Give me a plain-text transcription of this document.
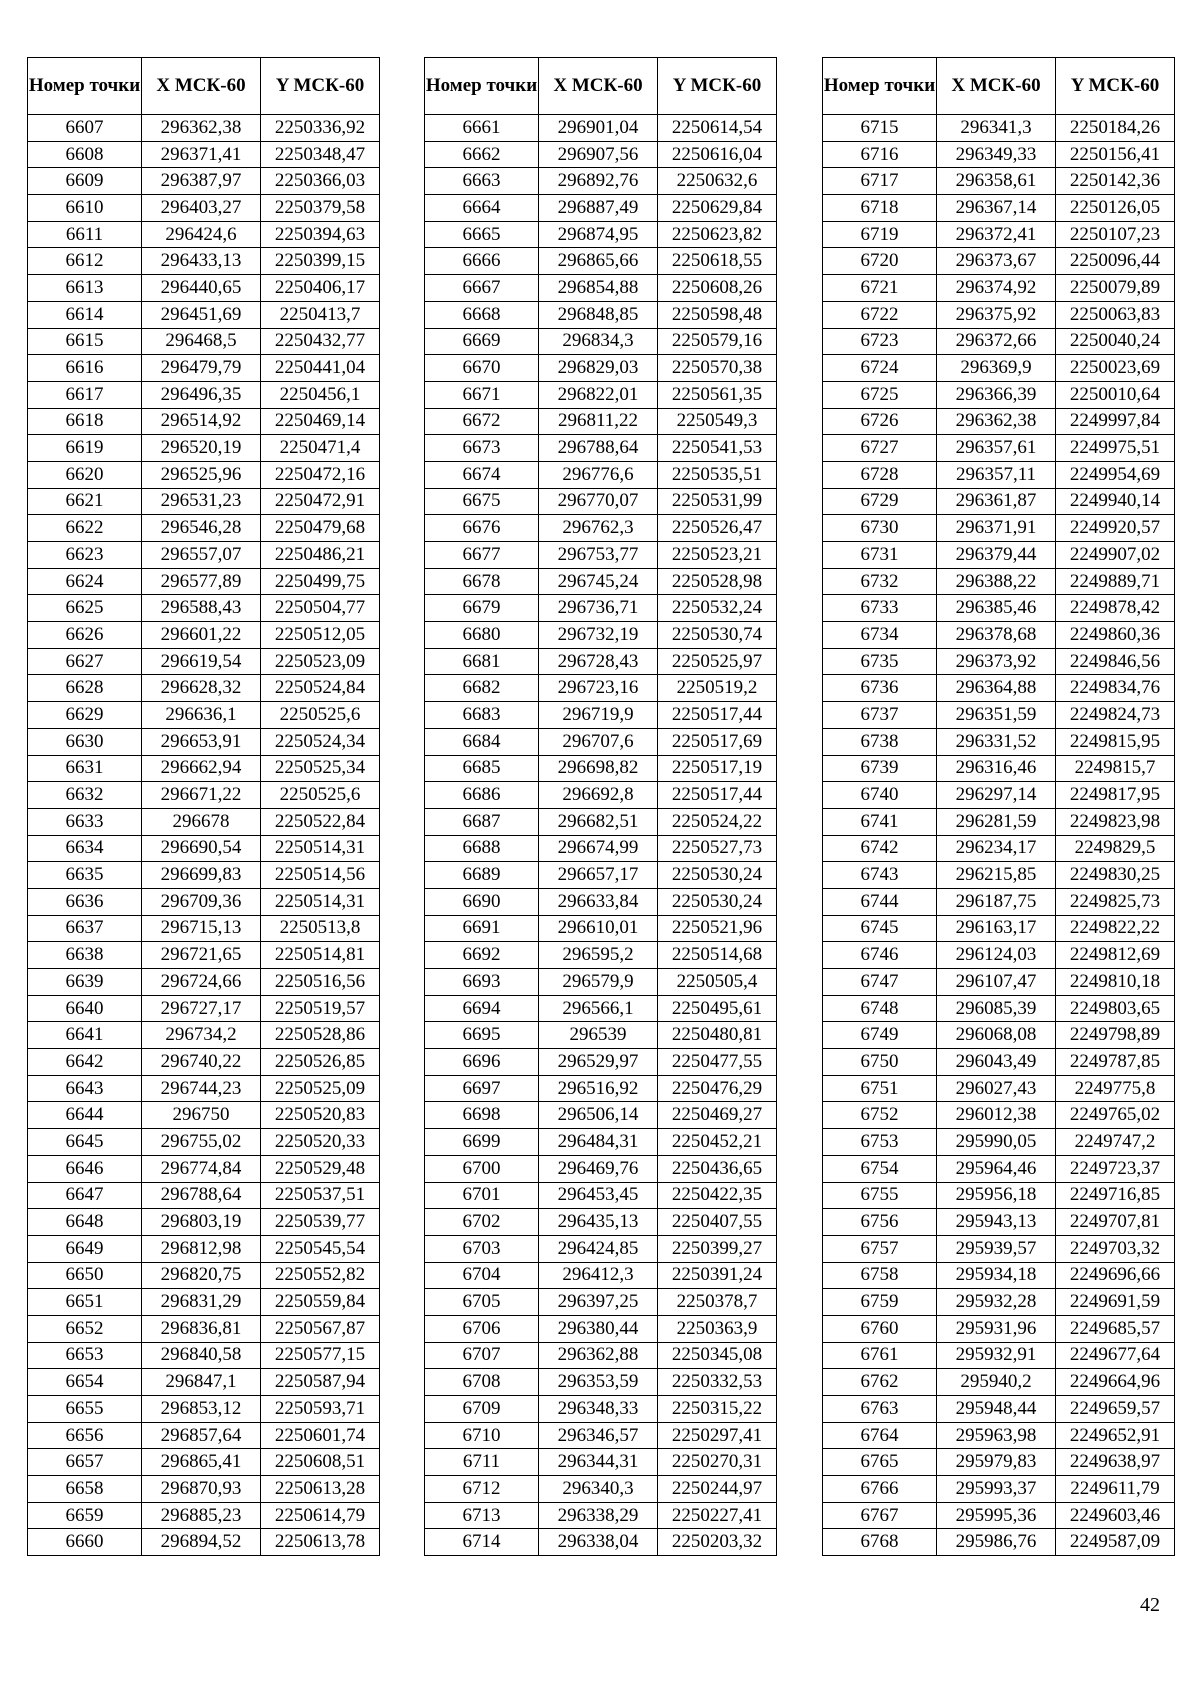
Номер точки	X МСК-60	Y МСК-60
6607	296362,38	2250336,92
6608	296371,41	2250348,47
6609	296387,97	2250366,03
6610	296403,27	2250379,58
6611	296424,6	2250394,63
6612	296433,13	2250399,15
6613	296440,65	2250406,17
6614	296451,69	2250413,7
6615	296468,5	2250432,77
6616	296479,79	2250441,04
6617	296496,35	2250456,1
6618	296514,92	2250469,14
6619	296520,19	2250471,4
6620	296525,96	2250472,16
6621	296531,23	2250472,91
6622	296546,28	2250479,68
6623	296557,07	2250486,21
6624	296577,89	2250499,75
6625	296588,43	2250504,77
6626	296601,22	2250512,05
6627	296619,54	2250523,09
6628	296628,32	2250524,84
6629	296636,1	2250525,6
6630	296653,91	2250524,34
6631	296662,94	2250525,34
6632	296671,22	2250525,6
6633	296678	2250522,84
6634	296690,54	2250514,31
6635	296699,83	2250514,56
6636	296709,36	2250514,31
6637	296715,13	2250513,8
6638	296721,65	2250514,81
6639	296724,66	2250516,56
6640	296727,17	2250519,57
6641	296734,2	2250528,86
6642	296740,22	2250526,85
6643	296744,23	2250525,09
6644	296750	2250520,83
6645	296755,02	2250520,33
6646	296774,84	2250529,48
6647	296788,64	2250537,51
6648	296803,19	2250539,77
6649	296812,98	2250545,54
6650	296820,75	2250552,82
6651	296831,29	2250559,84
6652	296836,81	2250567,87
6653	296840,58	2250577,15
6654	296847,1	2250587,94
6655	296853,12	2250593,71
6656	296857,64	2250601,74
6657	296865,41	2250608,51
6658	296870,93	2250613,28
6659	296885,23	2250614,79
6660	296894,52	2250613,78
Номер точки	X МСК-60	Y МСК-60
6661	296901,04	2250614,54
6662	296907,56	2250616,04
6663	296892,76	2250632,6
6664	296887,49	2250629,84
6665	296874,95	2250623,82
6666	296865,66	2250618,55
6667	296854,88	2250608,26
6668	296848,85	2250598,48
6669	296834,3	2250579,16
6670	296829,03	2250570,38
6671	296822,01	2250561,35
6672	296811,22	2250549,3
6673	296788,64	2250541,53
6674	296776,6	2250535,51
6675	296770,07	2250531,99
6676	296762,3	2250526,47
6677	296753,77	2250523,21
6678	296745,24	2250528,98
6679	296736,71	2250532,24
6680	296732,19	2250530,74
6681	296728,43	2250525,97
6682	296723,16	2250519,2
6683	296719,9	2250517,44
6684	296707,6	2250517,69
6685	296698,82	2250517,19
6686	296692,8	2250517,44
6687	296682,51	2250524,22
6688	296674,99	2250527,73
6689	296657,17	2250530,24
6690	296633,84	2250530,24
6691	296610,01	2250521,96
6692	296595,2	2250514,68
6693	296579,9	2250505,4
6694	296566,1	2250495,61
6695	296539	2250480,81
6696	296529,97	2250477,55
6697	296516,92	2250476,29
6698	296506,14	2250469,27
6699	296484,31	2250452,21
6700	296469,76	2250436,65
6701	296453,45	2250422,35
6702	296435,13	2250407,55
6703	296424,85	2250399,27
6704	296412,3	2250391,24
6705	296397,25	2250378,7
6706	296380,44	2250363,9
6707	296362,88	2250345,08
6708	296353,59	2250332,53
6709	296348,33	2250315,22
6710	296346,57	2250297,41
6711	296344,31	2250270,31
6712	296340,3	2250244,97
6713	296338,29	2250227,41
6714	296338,04	2250203,32
Номер точки	X МСК-60	Y МСК-60
6715	296341,3	2250184,26
6716	296349,33	2250156,41
6717	296358,61	2250142,36
6718	296367,14	2250126,05
6719	296372,41	2250107,23
6720	296373,67	2250096,44
6721	296374,92	2250079,89
6722	296375,92	2250063,83
6723	296372,66	2250040,24
6724	296369,9	2250023,69
6725	296366,39	2250010,64
6726	296362,38	2249997,84
6727	296357,61	2249975,51
6728	296357,11	2249954,69
6729	296361,87	2249940,14
6730	296371,91	2249920,57
6731	296379,44	2249907,02
6732	296388,22	2249889,71
6733	296385,46	2249878,42
6734	296378,68	2249860,36
6735	296373,92	2249846,56
6736	296364,88	2249834,76
6737	296351,59	2249824,73
6738	296331,52	2249815,95
6739	296316,46	2249815,7
6740	296297,14	2249817,95
6741	296281,59	2249823,98
6742	296234,17	2249829,5
6743	296215,85	2249830,25
6744	296187,75	2249825,73
6745	296163,17	2249822,22
6746	296124,03	2249812,69
6747	296107,47	2249810,18
6748	296085,39	2249803,65
6749	296068,08	2249798,89
6750	296043,49	2249787,85
6751	296027,43	2249775,8
6752	296012,38	2249765,02
6753	295990,05	2249747,2
6754	295964,46	2249723,37
6755	295956,18	2249716,85
6756	295943,13	2249707,81
6757	295939,57	2249703,32
6758	295934,18	2249696,66
6759	295932,28	2249691,59
6760	295931,96	2249685,57
6761	295932,91	2249677,64
6762	295940,2	2249664,96
6763	295948,44	2249659,57
6764	295963,98	2249652,91
6765	295979,83	2249638,97
6766	295993,37	2249611,79
6767	295995,36	2249603,46
6768	295986,76	2249587,09
42
